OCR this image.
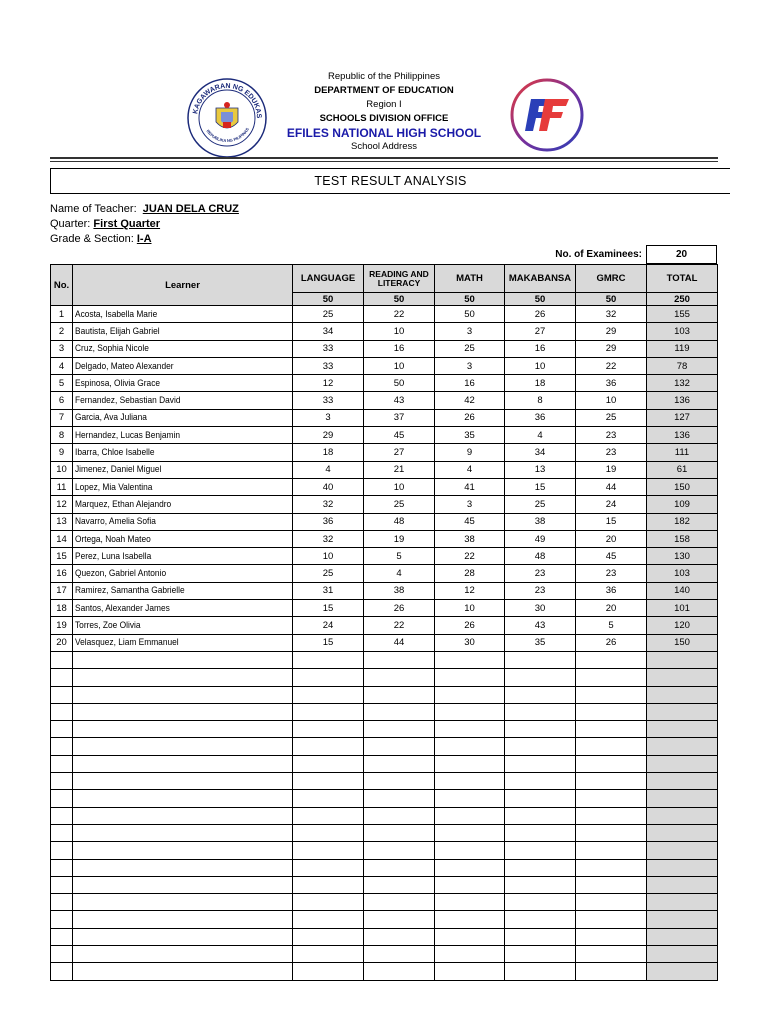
KAGAWARAN NG EDUKAS
REPUBLIKA NG PILIPINAS
Republic of the Philippines
DEPARTMENT OF EDUCATION
Region I
SCHOOLS DIVISION OFFICE
EFILES NATIONAL HIGH SCHOOL
School Address
TEST RESULT ANALYSIS
Name of Teacher: JUAN DELA CRUZ
Quarter: First Quarter
Grade & Section: I-A
No. of Examinees:	20
No.	Learner	LANGUAGE	READING AND LITERACY	MATH	MAKABANSA	GMRC	TOTAL
		50	50	50	50	50	250
1	Acosta, Isabella Marie	25	22	50	26	32	155
2	Bautista, Elijah Gabriel	34	10	3	27	29	103
3	Cruz, Sophia Nicole	33	16	25	16	29	119
4	Delgado, Mateo Alexander	33	10	3	10	22	78
5	Espinosa, Olivia Grace	12	50	16	18	36	132
6	Fernandez, Sebastian David	33	43	42	8	10	136
7	Garcia, Ava Juliana	3	37	26	36	25	127
8	Hernandez, Lucas Benjamin	29	45	35	4	23	136
9	Ibarra, Chloe Isabelle	18	27	9	34	23	111
10	Jimenez, Daniel Miguel	4	21	4	13	19	61
11	Lopez, Mia Valentina	40	10	41	15	44	150
12	Marquez, Ethan Alejandro	32	25	3	25	24	109
13	Navarro, Amelia Sofia	36	48	45	38	15	182
14	Ortega, Noah Mateo	32	19	38	49	20	158
15	Perez, Luna Isabella	10	5	22	48	45	130
16	Quezon, Gabriel Antonio	25	4	28	23	23	103
17	Ramirez, Samantha Gabrielle	31	38	12	23	36	140
18	Santos, Alexander James	15	26	10	30	20	101
19	Torres, Zoe Olivia	24	22	26	43	5	120
20	Velasquez, Liam Emmanuel	15	44	30	35	26	150
